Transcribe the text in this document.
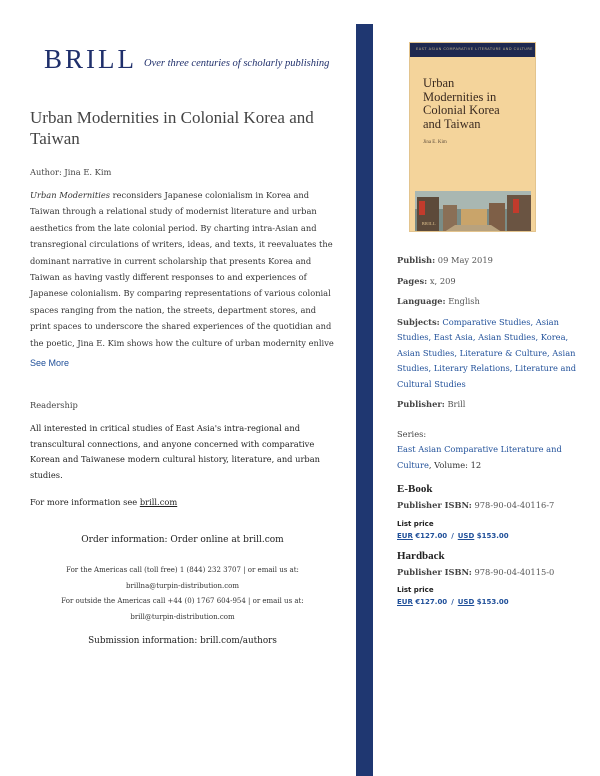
BRILL Over three centuries of scholarly publishing
Urban Modernities in Colonial Korea and Taiwan
Author: Jina E. Kim
Urban Modernities reconsiders Japanese colonialism in Korea and Taiwan through a relational study of modernist literature and urban aesthetics from the late colonial period. By charting intra-Asian and transregional circulations of writers, ideas, and texts, it reevaluates the dominant narrative in current scholarship that presents Korea and Taiwan as having vastly different responses to and experiences of Japanese colonialism. By comparing representations of various colonial spaces ranging from the nation, the streets, department stores, and print spaces to underscore the shared experiences of the quotidian and the poetic, Jina E. Kim shows how the culture of urban modernity enlive
See More
Readership
All interested in critical studies of East Asia's intra-regional and transcultural connections, and anyone concerned with comparative Korean and Taiwanese modern cultural history, literature, and urban studies.
For more information see brill.com
Order information: Order online at brill.com
For the Americas call (toll free) 1 (844) 232 3707 | or email us at:
brillna@turpin-distribution.com
For outside the Americas call +44 (0) 1767 604-954 | or email us at:
brill@turpin-distribution.com
Submission information: brill.com/authors
EAST ASIAN COMPARATIVE LITERATURE AND CULTURE
Urban
Modernities in
Colonial Korea
and Taiwan
Jina E. Kim
BRILL
Publish: 09 May 2019
Pages: x, 209
Language: English
Subjects: Comparative Studies, Asian Studies, East Asia, Asian Studies, Korea, Asian Studies, Literature & Culture, Asian Studies, Literary Relations, Literature and Cultural Studies
Publisher: Brill
Series:
East Asian Comparative Literature and Culture, Volume: 12
E-Book
Publisher ISBN: 978-90-04-40116-7
List price
EUR €127.00 / USD $153.00
Hardback
Publisher ISBN: 978-90-04-40115-0
List price
EUR €127.00 / USD $153.00
